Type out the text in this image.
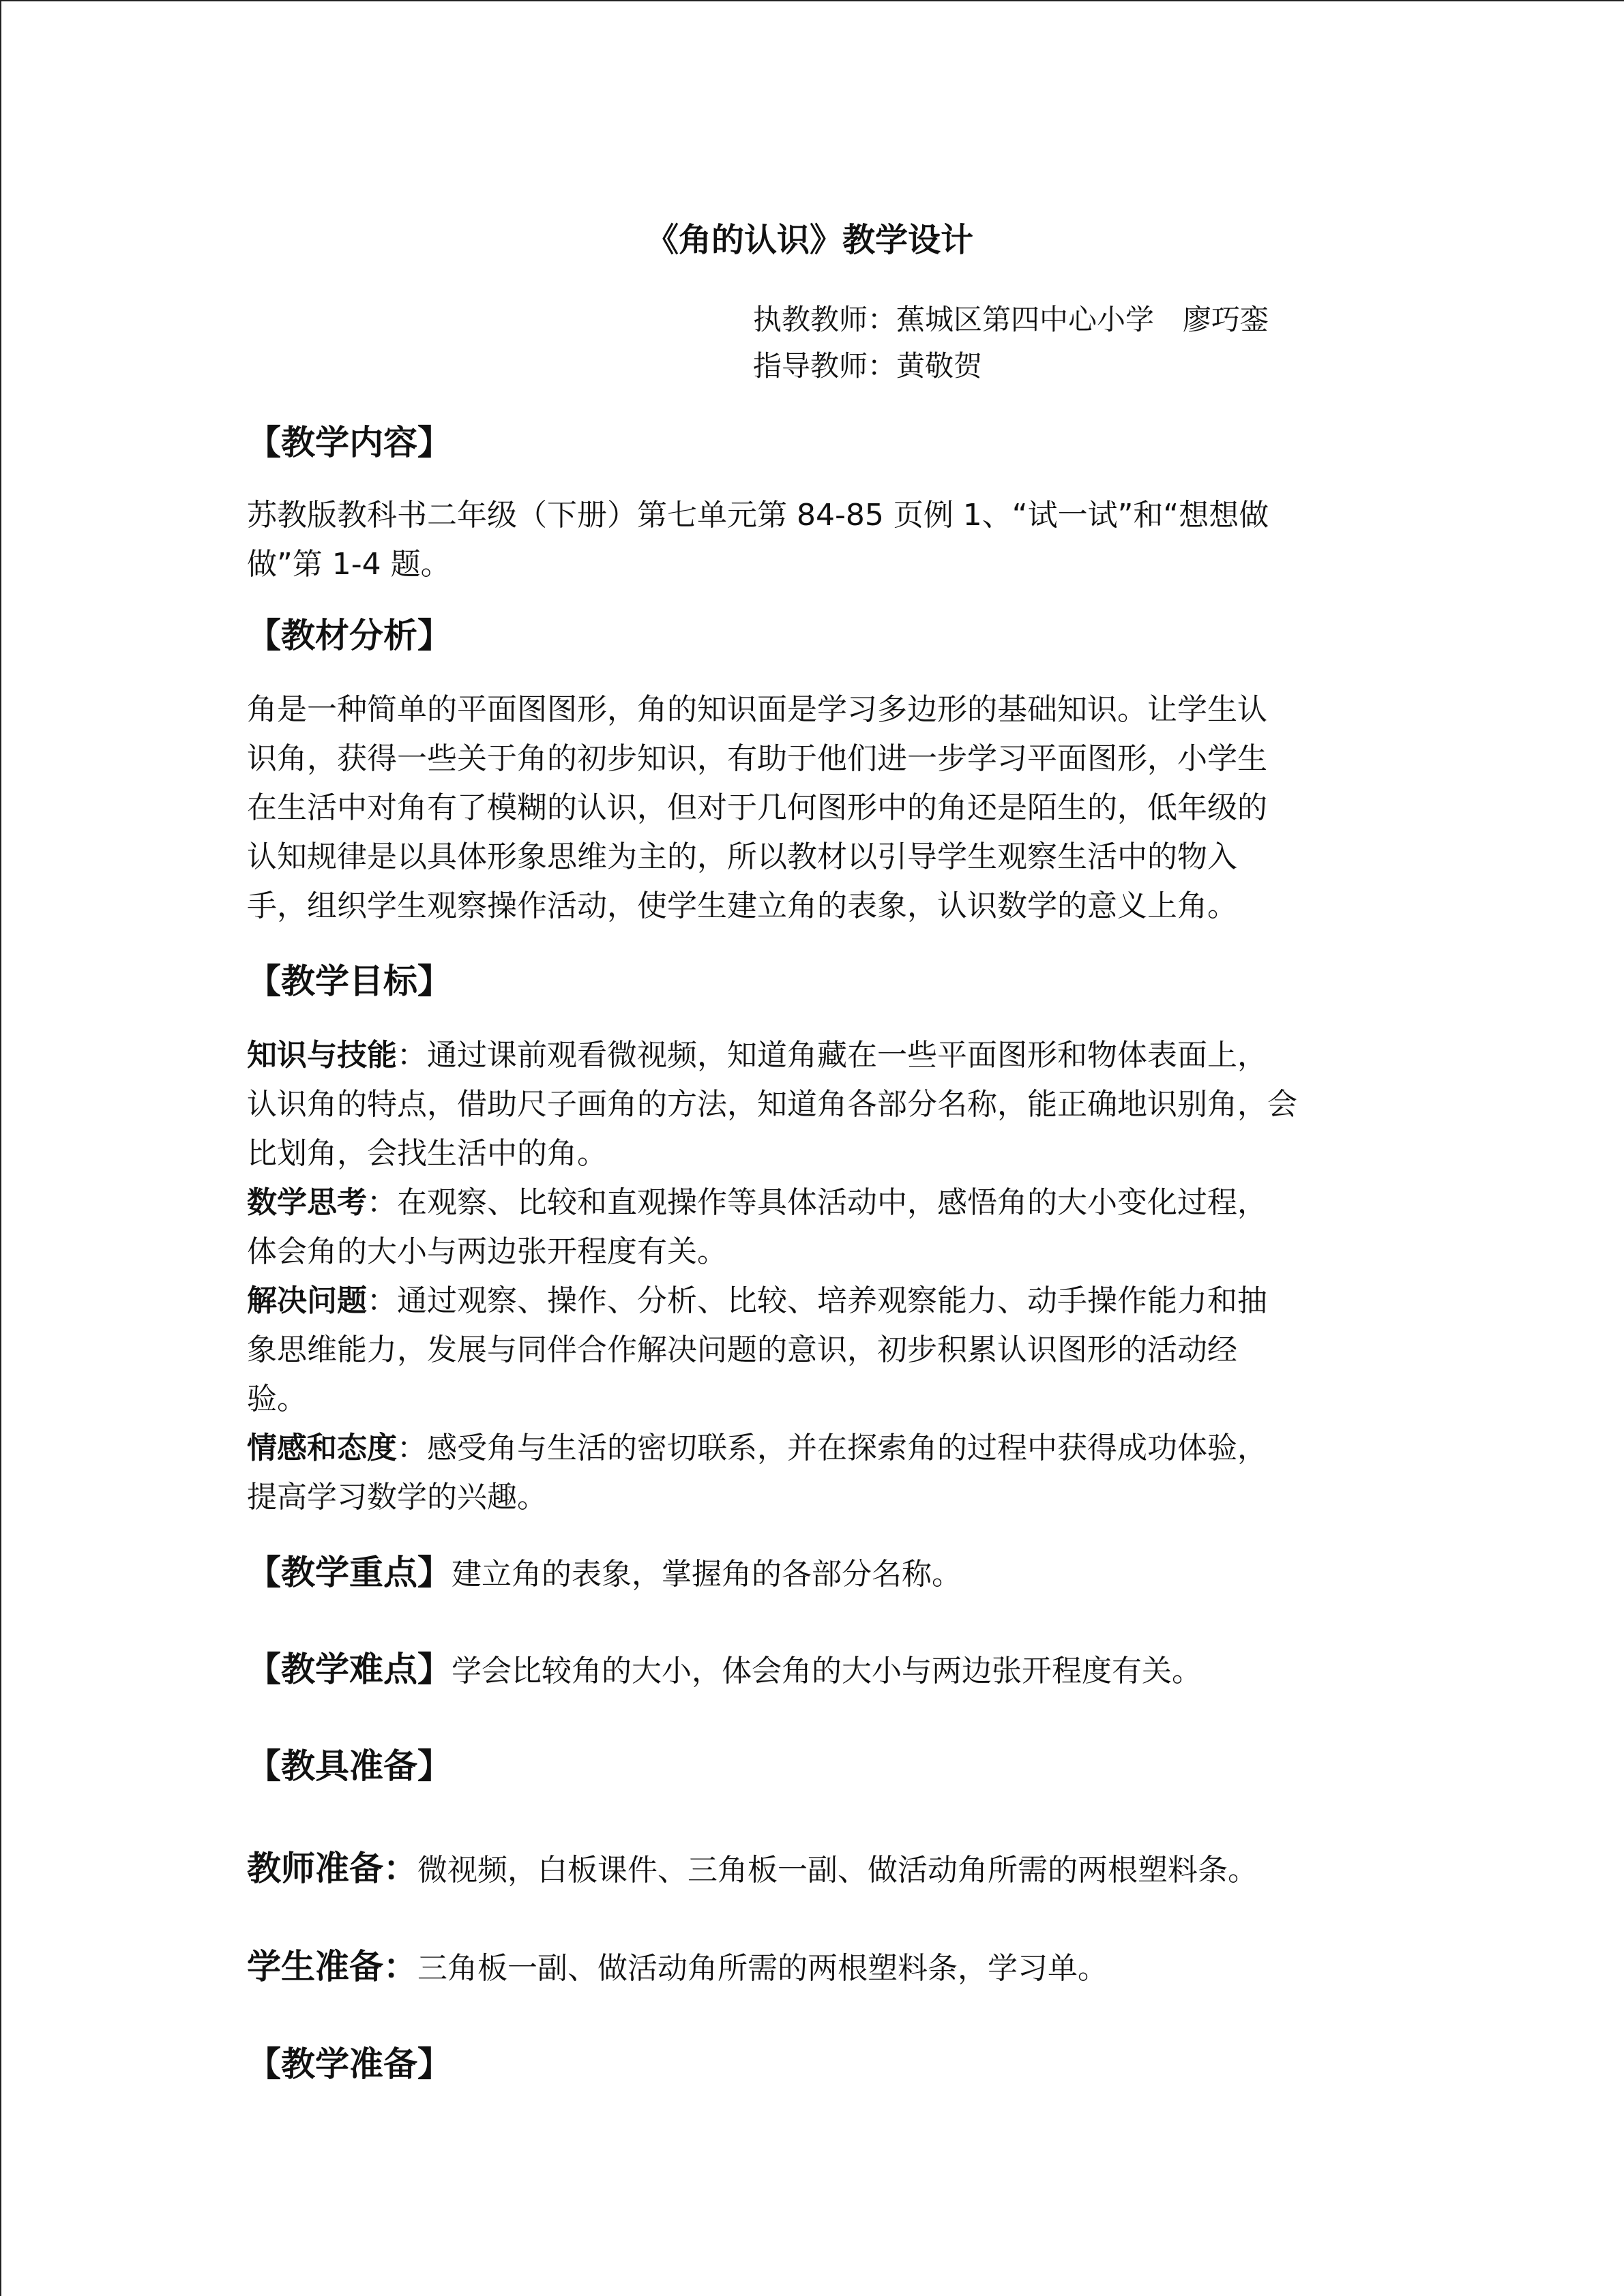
《角的认识》教学设计
执教教师：蕉城区第四中心小学　廖巧銮
指导教师：黄敬贺
【教学内容】
苏教版教科书二年级（下册）第七单元第 84-85 页例 1、“试一试”和“想想做
做”第 1-4 题。
【教材分析】
角是一种简单的平面图图形，角的知识面是学习多边形的基础知识。让学生认
识角，获得一些关于角的初步知识，有助于他们进一步学习平面图形，小学生
在生活中对角有了模糊的认识，但对于几何图形中的角还是陌生的，低年级的
认知规律是以具体形象思维为主的，所以教材以引导学生观察生活中的物入
手，组织学生观察操作活动，使学生建立角的表象，认识数学的意义上角。
【教学目标】
知识与技能：通过课前观看微视频，知道角藏在一些平面图形和物体表面上，
认识角的特点，借助尺子画角的方法，知道角各部分名称，能正确地识别角，会
比划角，会找生活中的角。
数学思考：在观察、比较和直观操作等具体活动中，感悟角的大小变化过程，
体会角的大小与两边张开程度有关。
解决问题：通过观察、操作、分析、比较、培养观察能力、动手操作能力和抽
象思维能力，发展与同伴合作解决问题的意识，初步积累认识图形的活动经
验。
情感和态度：感受角与生活的密切联系，并在探索角的过程中获得成功体验，
提高学习数学的兴趣。
【教学重点】建立角的表象，掌握角的各部分名称。
【教学难点】学会比较角的大小，体会角的大小与两边张开程度有关。
【教具准备】
教师准备：微视频，白板课件、三角板一副、做活动角所需的两根塑料条。
学生准备：三角板一副、做活动角所需的两根塑料条，学习单。
【教学准备】
